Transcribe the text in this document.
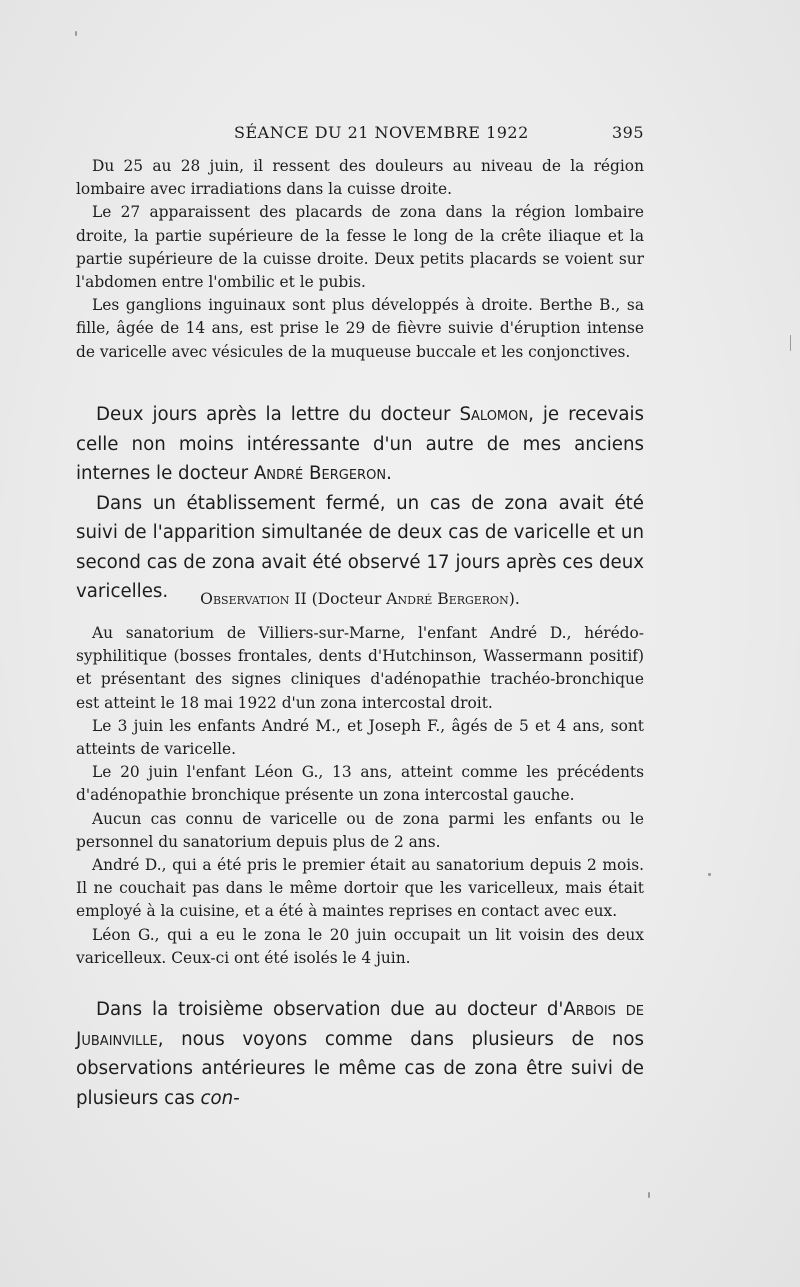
SÉANCE DU 21 NOVEMBRE 1922	395

Du 25 au 28 juin, il ressent des douleurs au niveau de la région lombaire avec irradiations dans la cuisse droite.

Le 27 apparaissent des placards de zona dans la région lombaire droite, la partie supérieure de la fesse le long de la crête iliaque et la partie supérieure de la cuisse droite. Deux petits placards se voient sur l'abdomen entre l'ombilic et le pubis.

Les ganglions inguinaux sont plus développés à droite. Berthe B., sa fille, âgée de 14 ans, est prise le 29 de fièvre suivie d'éruption intense de varicelle avec vésicules de la muqueuse buccale et les conjonctives.

Deux jours après la lettre du docteur Salomon, je recevais celle non moins intéressante d'un autre de mes anciens internes le docteur André Bergeron.

Dans un établissement fermé, un cas de zona avait été suivi de l'apparition simultanée de deux cas de varicelle et un second cas de zona avait été observé 17 jours après ces deux varicelles.	Observation II (Docteur André Bergeron).

Au sanatorium de Villiers-sur-Marne, l'enfant André D., hérédo-syphilitique (bosses frontales, dents d'Hutchinson, Wassermann positif) et présentant des signes cliniques d'adénopathie trachéo-bronchique est atteint le 18 mai 1922 d'un zona intercostal droit.

Le 3 juin les enfants André M., et Joseph F., âgés de 5 et 4 ans, sont atteints de varicelle.

Le 20 juin l'enfant Léon G., 13 ans, atteint comme les précédents d'adénopathie bronchique présente un zona intercostal gauche.

Aucun cas connu de varicelle ou de zona parmi les enfants ou le personnel du sanatorium depuis plus de 2 ans.

André D., qui a été pris le premier était au sanatorium depuis 2 mois. Il ne couchait pas dans le même dortoir que les varicelleux, mais était employé à la cuisine, et a été à maintes reprises en contact avec eux.

Léon G., qui a eu le zona le 20 juin occupait un lit voisin des deux varicelleux. Ceux-ci ont été isolés le 4 juin.

Dans la troisième observation due au docteur d'Arbois de Jubainville, nous voyons comme dans plusieurs de nos observations antérieures le même cas de zona être suivi de plusieurs cas con-
